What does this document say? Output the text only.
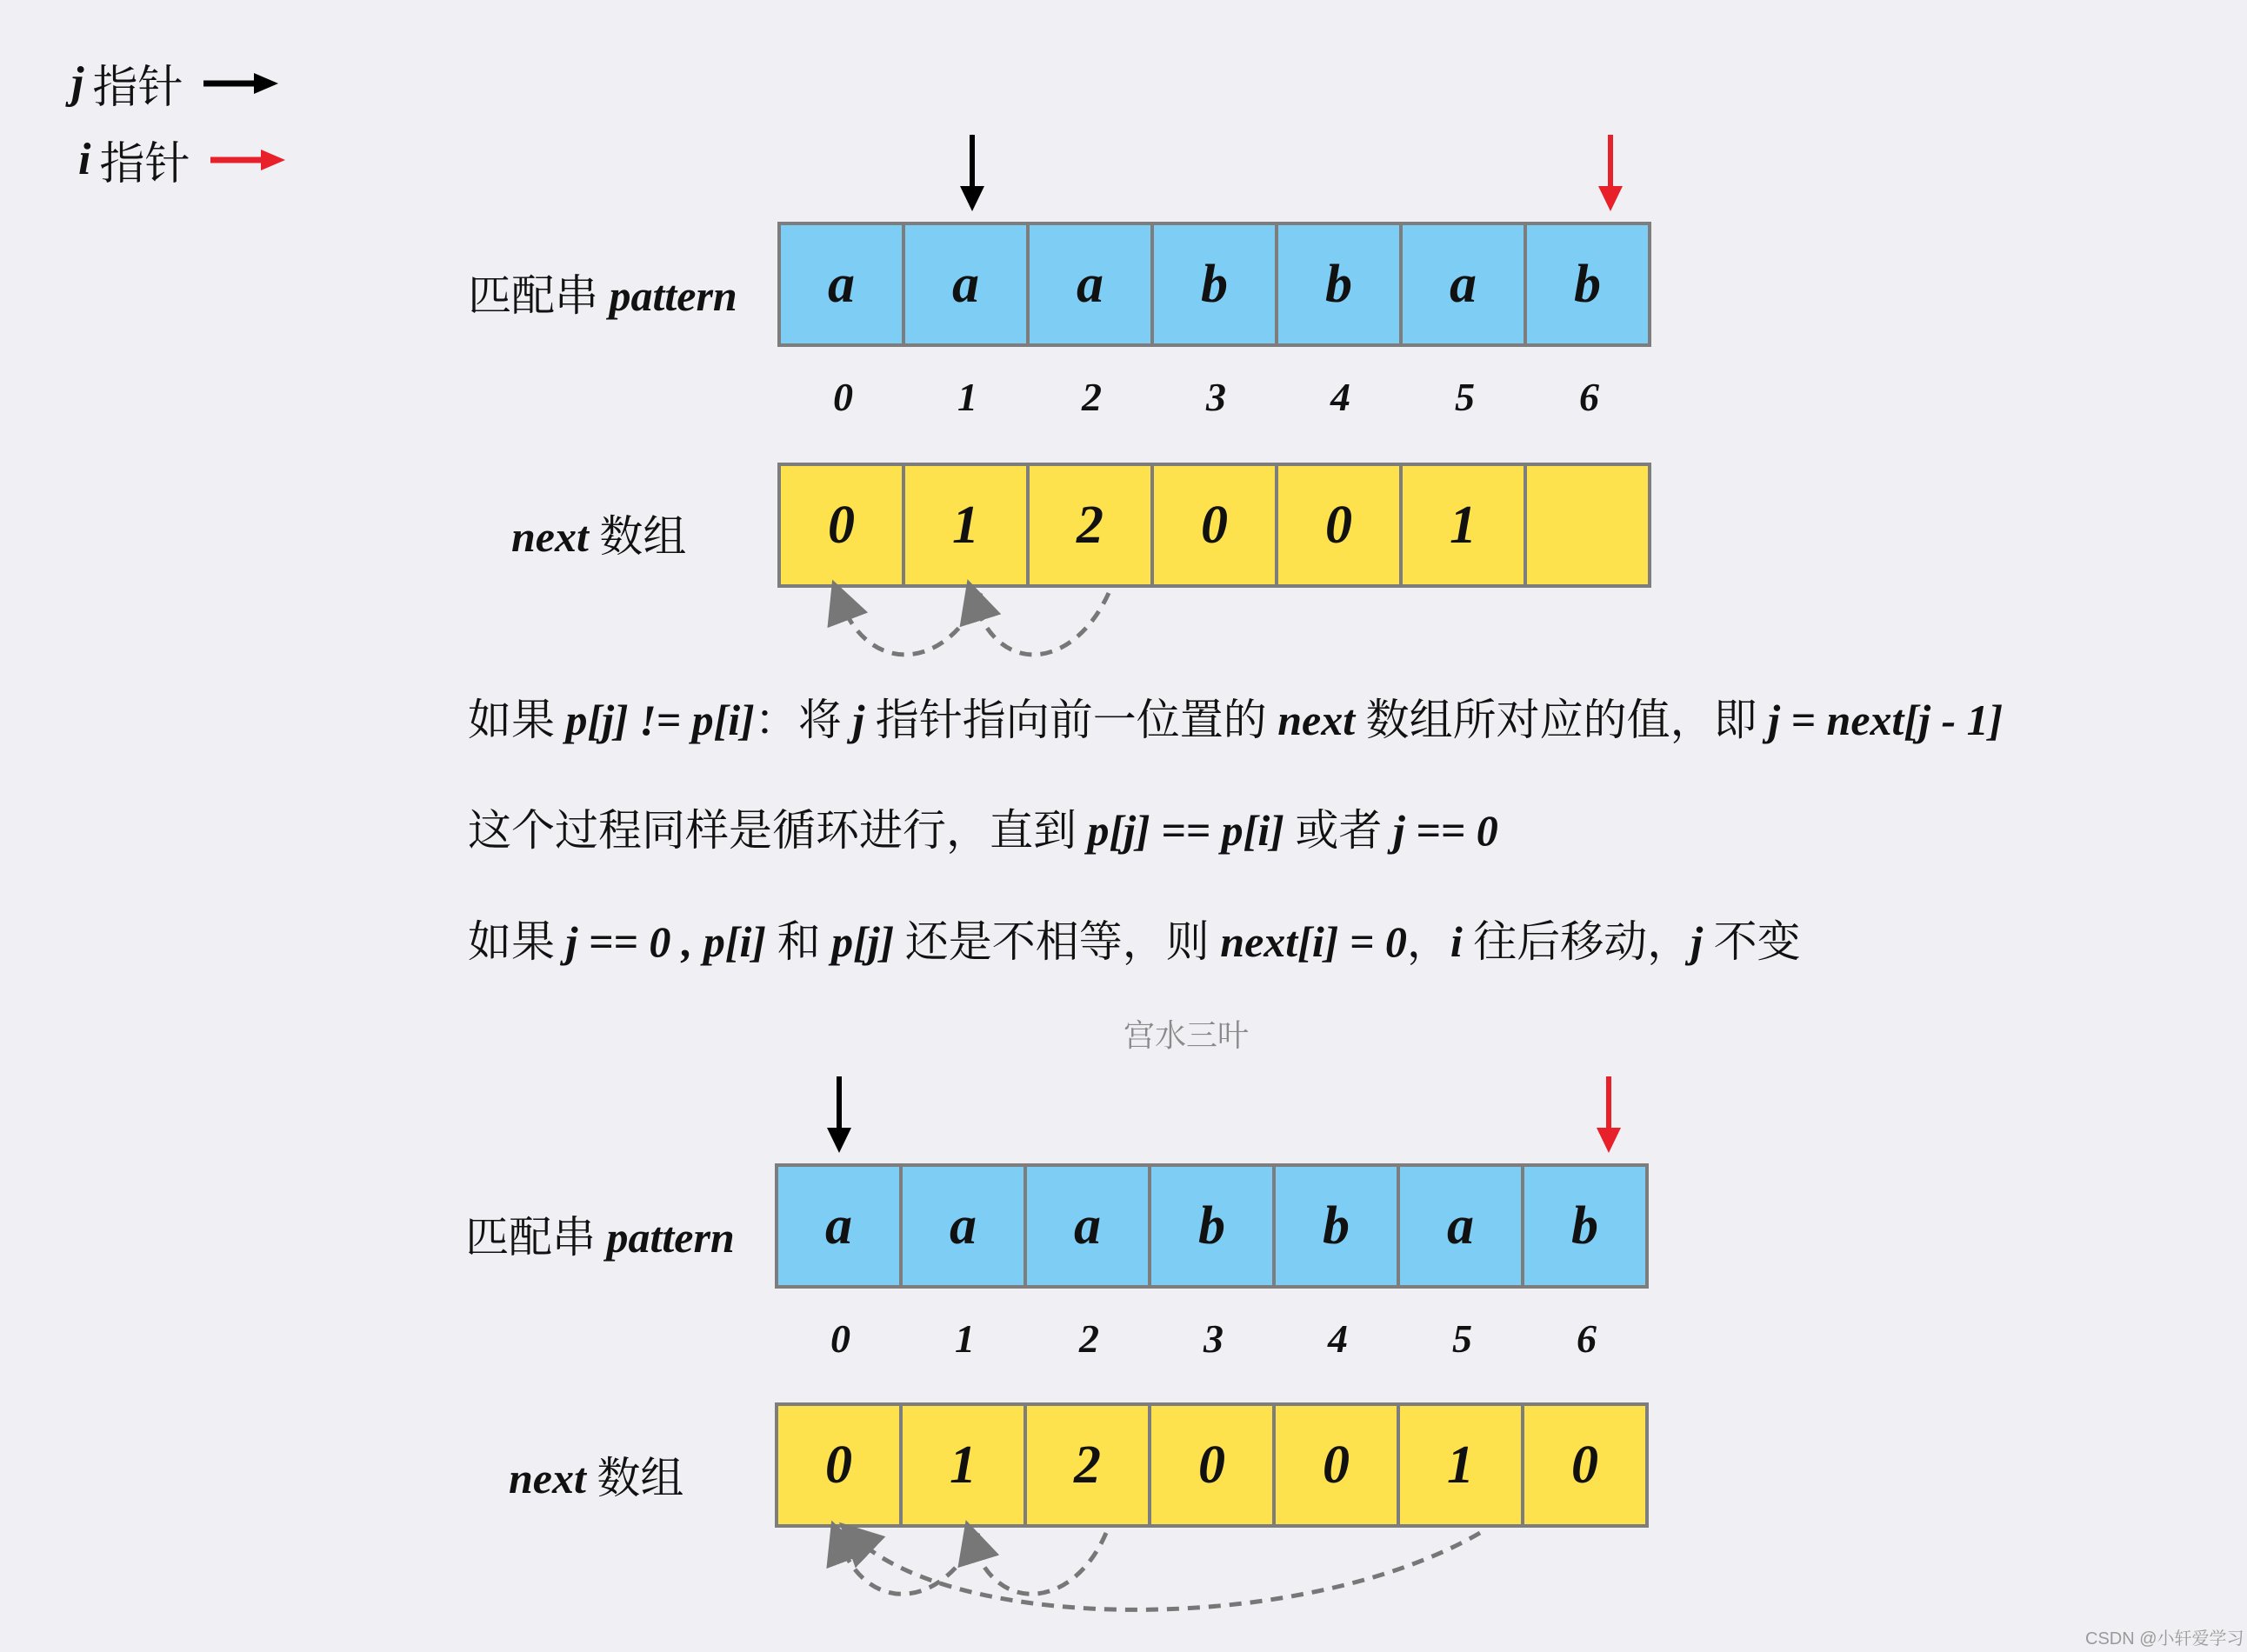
j 指针
i 指针
匹配串 pattern	a	a	a	b	b	a	b
0	1	2	3	4	5	6
next 数组	0	1	2	0	0	1
如果 p[j] != p[i]：将 j 指针指向前一位置的 next 数组所对应的值，即 j = next[j - 1]
这个过程同样是循环进行，直到 p[j] == p[i] 或者 j == 0
如果 j == 0 , p[i] 和 p[j] 还是不相等，则 next[i] = 0，i 往后移动，j 不变
宫水三叶
匹配串 pattern	a	a	a	b	b	a	b
0	1	2	3	4	5	6
next 数组	0	1	2	0	0	1	0
CSDN @小轩爱学习
